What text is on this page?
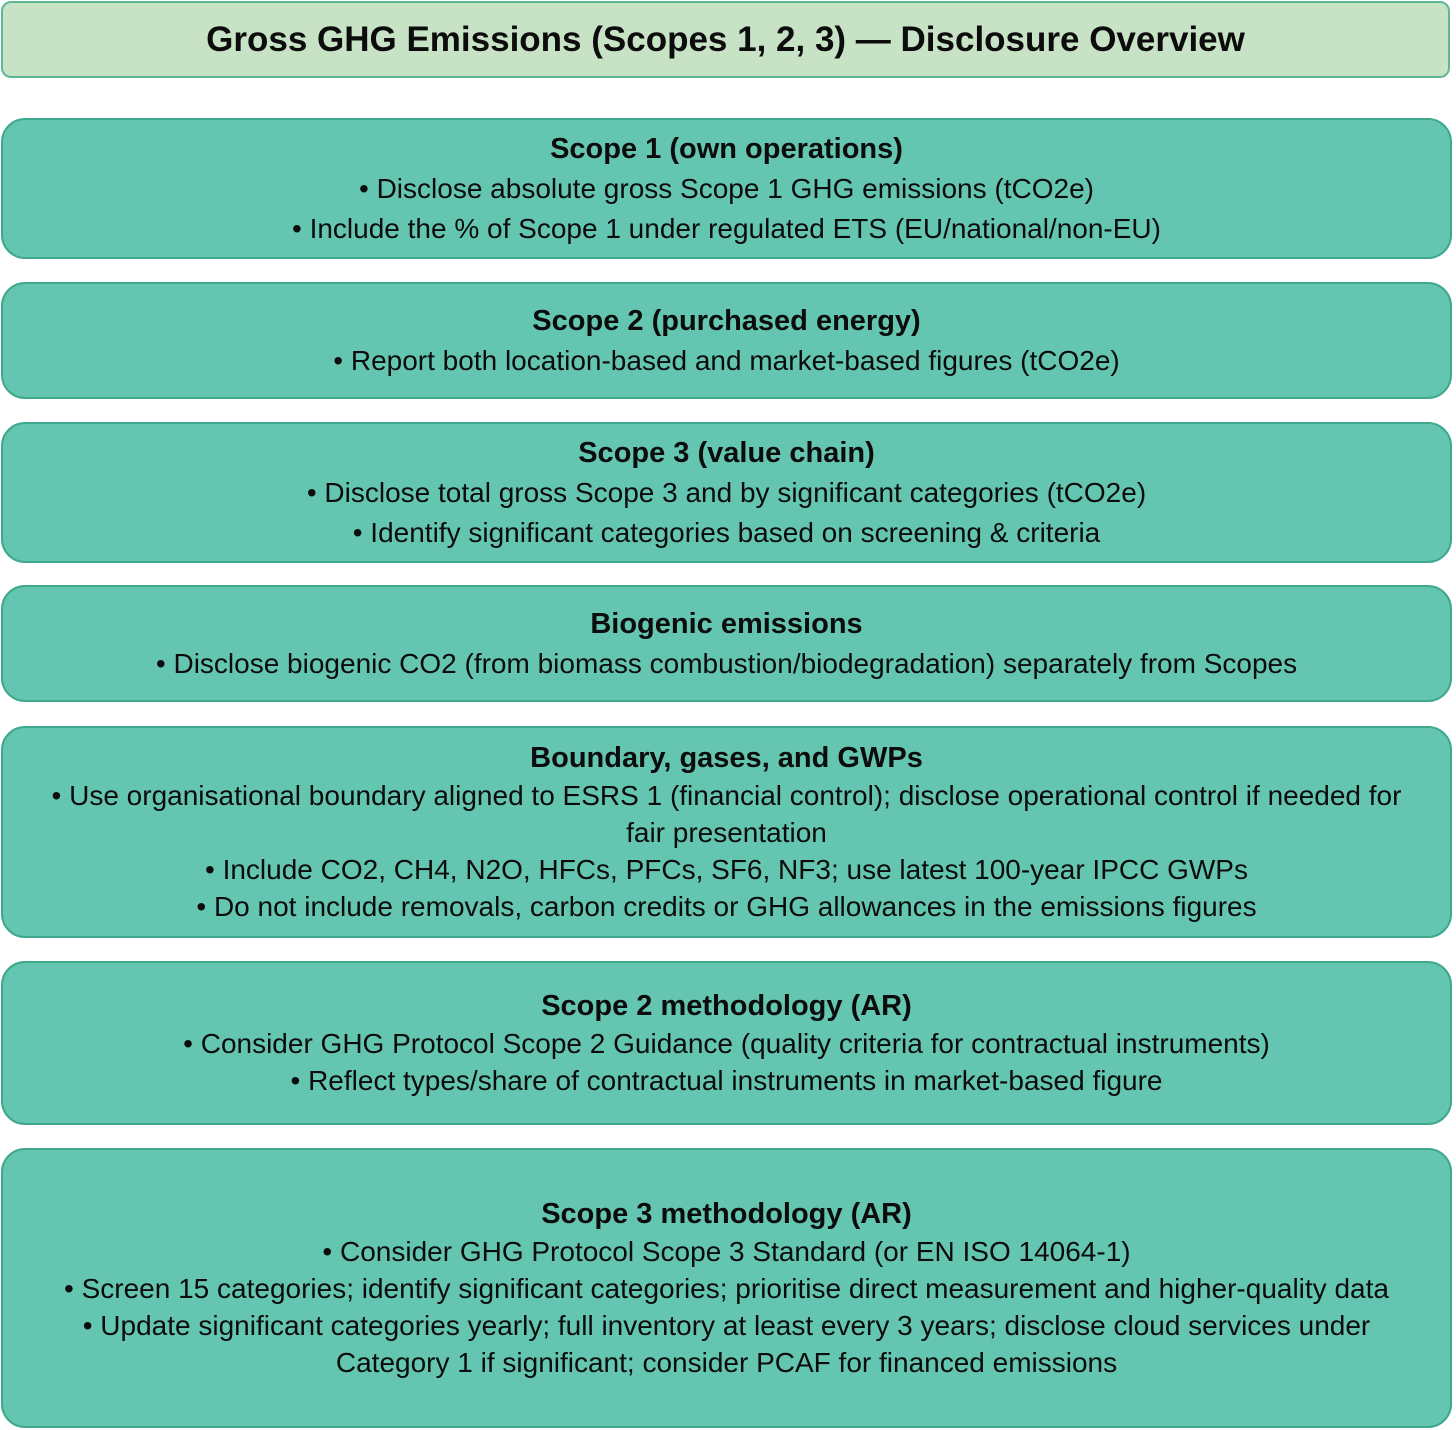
Gross GHG Emissions (Scopes 1, 2, 3) — Disclosure Overview
Scope 1 (own operations)
• Disclose absolute gross Scope 1 GHG emissions (tCO2e)
• Include the % of Scope 1 under regulated ETS (EU/national/non-EU)
Scope 2 (purchased energy)
• Report both location-based and market-based figures (tCO2e)
Scope 3 (value chain)
• Disclose total gross Scope 3 and by significant categories (tCO2e)
• Identify significant categories based on screening & criteria
Biogenic emissions
• Disclose biogenic CO2 (from biomass combustion/biodegradation) separately from Scopes
Boundary, gases, and GWPs
• Use organisational boundary aligned to ESRS 1 (financial control); disclose operational control if needed for fair presentation
• Include CO2, CH4, N2O, HFCs, PFCs, SF6, NF3; use latest 100-year IPCC GWPs
• Do not include removals, carbon credits or GHG allowances in the emissions figures
Scope 2 methodology (AR)
• Consider GHG Protocol Scope 2 Guidance (quality criteria for contractual instruments)
• Reflect types/share of contractual instruments in market-based figure
Scope 3 methodology (AR)
• Consider GHG Protocol Scope 3 Standard (or EN ISO 14064-1)
• Screen 15 categories; identify significant categories; prioritise direct measurement and higher-quality data
• Update significant categories yearly; full inventory at least every 3 years; disclose cloud services under Category 1 if significant; consider PCAF for financed emissions
